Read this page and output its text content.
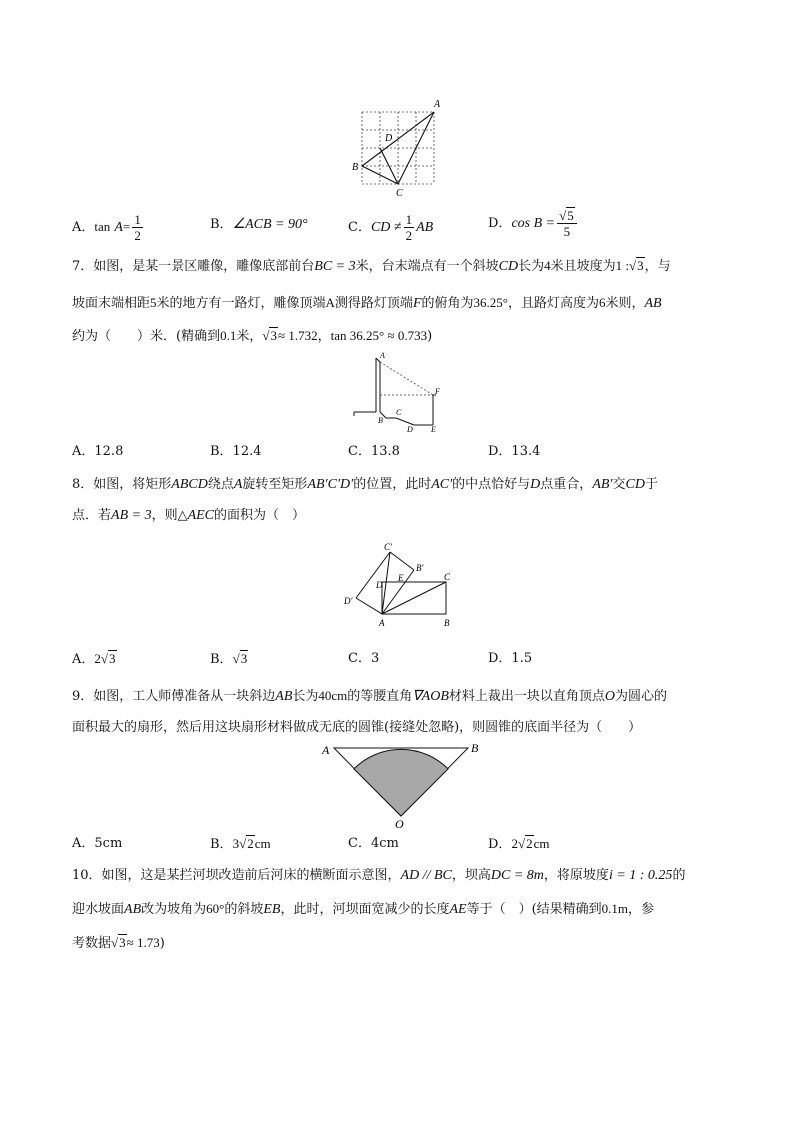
A
D
B
C
A．$\tan A= \frac{1}{2}$	B．∠ACB = 90°	C．CD ≠ $\frac{1}{2}$ AB	D．$\cos B = \frac{√5}{5}$
7．如图，是某一景区雕像，雕像底部前台BC = 3米，台末端点有一个斜坡CD长为4米且坡度为1 :√3，与
坡面末端相距5米的地方有一路灯，雕像顶端A测得路灯顶端F的俯角为36.25°，且路灯高度为6米则，AB
约为（　　）米．(精确到0.1米，√3≈ 1.732，tan 36.25° ≈ 0.733)
A
F
B
C
D E
A．12.8	B．12.4	C．13.8	D．13.4
8．如图，将矩形ABCD绕点A旋转至矩形AB′C′D′的位置，此时AC′的中点恰好与D点重合，AB′交CD于
点．若AB = 3，则△AEC的面积为（　）
C′
B′
D
E	C
D′
A	B
A．2√3	B．√3	C．3	D．1.5
9．如图，工人师傅准备从一块斜边AB长为40cm的等腰直角∇AOB材料上裁出一块以直角顶点O为圆心的
面积最大的扇形，然后用这块扇形材料做成无底的圆锥(接缝处忽略)，则圆锥的底面半径为（　　）
A	B
O
A．5cm	B．3√2cm	C．4cm	D．2√2cm
10．如图，这是某拦河坝改造前后河床的横断面示意图，AD // BC，坝高DC = 8m，将原坡度i = 1 : 0.25的
迎水坡面AB改为坡角为60°的斜坡EB，此时，河坝面宽减少的长度AE等于（　）(结果精确到0.1m，参
考数据√3≈ 1.73)
